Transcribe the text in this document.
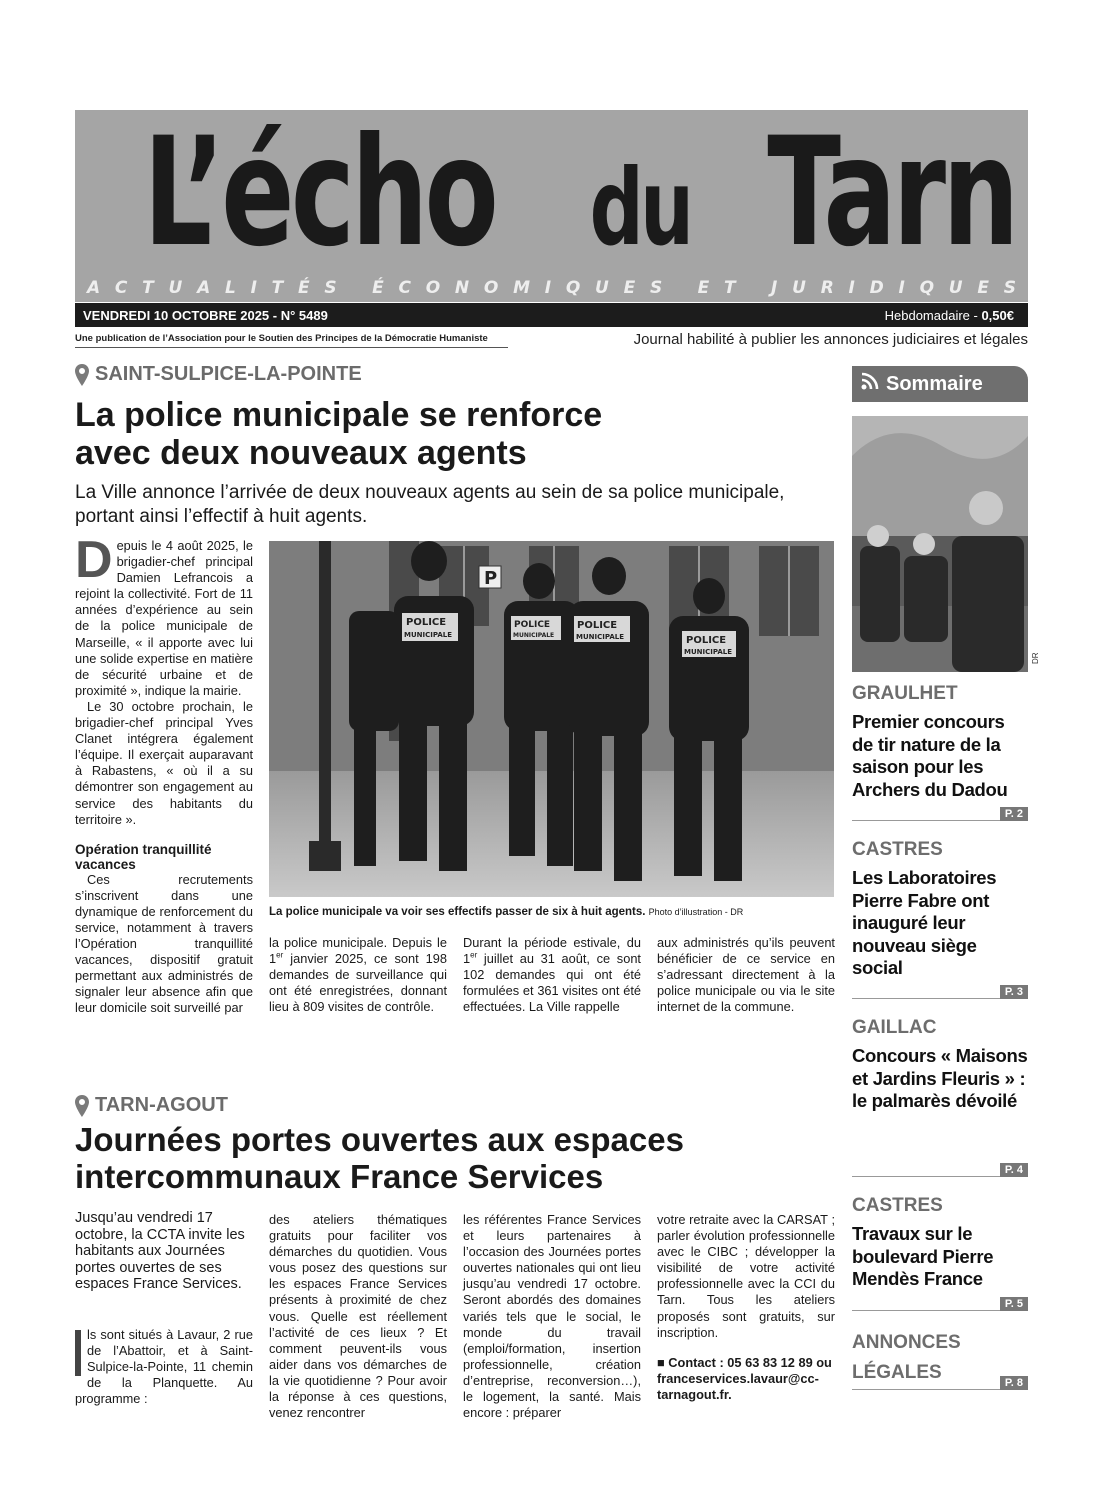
L’écho du Tarn
A C T U A L I T É S
É C O N O M I Q U E S
E T
J U R I D I Q U E S
VENDREDI 10 OCTOBRE 2025 - N° 5489	Hebdomadaire - 0,50€
Une publication de l’Association pour le Soutien des Principes de la Démocratie Humaniste	Journal habilité à publier les annonces judiciaires et légales
SAINT-SULPICE-LA-POINTE
La police municipale se renforce
avec deux nouveaux agents
La Ville annonce l’arrivée de deux nouveaux agents au sein de sa police municipale,
portant ainsi l’effectif à huit agents.

Depuis le 4 août 2025, le brigadier-chef principal Damien Lefrancois a rejoint la collectivité. Fort de 11 années d’expérience au sein de la police municipale de Marseille, « il apporte avec lui une solide expertise en matière de sécurité urbaine et de proximité », indique la mairie.

Le 30 octobre prochain, le brigadier-chef principal Yves Clanet intégrera également l’équipe. Il exerçait auparavant à Rabastens, « où il a su démontrer son engagement au service des habitants du territoire ».

Opération tranquillité vacances

Ces recrutements s’inscrivent dans une dynamique de renforcement du service, notamment à travers l’Opération tranquillité vacances, dispositif gratuit permettant aux administrés de signaler leur absence afin que leur domicile soit surveillé par

P
POLICE
MUNICIPALE
POLICE
MUNICIPALE
POLICE
MUNICIPALE	POLICE
MUNICIPALE
La police municipale va voir ses effectifs passer de six à huit agents. Photo d’illustration - DR

la police municipale. Depuis le 1er janvier 2025, ce sont 198 demandes de surveillance qui ont été enregistrées, donnant lieu à 809 visites de contrôle.

Durant la période estivale, du 1er juillet au 31 août, ce sont 102 demandes qui ont été formulées et 361 visites ont été effectuées. La Ville rappelle

aux administrés qu’ils peuvent bénéficier de ce service en s’adressant directement à la police municipale ou via le site internet de la commune.

TARN-AGOUT
Journées portes ouvertes aux espaces
intercommunaux France Services
Jusqu’au vendredi 17 octobre, la CCTA invite les habitants aux Journées portes ouvertes de ses espaces France Services.

ls sont situés à Lavaur, 2 rue de l’Abattoir, et à Saint-Sulpice-la-Pointe, 11 chemin de la Planquette. Au programme :

des ateliers thématiques gratuits pour faciliter vos démarches du quotidien. Vous vous posez des questions sur les espaces France Services présents à proximité de chez vous. Quelle est réellement l’activité de ces lieux ? Et comment peuvent-ils vous aider dans vos démarches de la vie quotidienne ? Pour avoir la réponse à ces questions, venez rencontrer

les référentes France Services et leurs partenaires à l’occasion des Journées portes ouvertes nationales qui ont lieu jusqu’au vendredi 17 octobre. Seront abordés des domaines variés tels que le social, le monde du travail (emploi/formation, insertion professionnelle, création d’entreprise, reconversion…), le logement, la santé. Mais encore : préparer

votre retraite avec la CARSAT ; parler évolution professionnelle avec le CIBC ; développer la visibilité de votre activité professionnelle avec la CCI du Tarn. Tous les ateliers proposés sont gratuits, sur inscription.

■ Contact : 05 63 83 12 89 ou franceservices.lavaur@cc-tarnagout.fr.

Sommaire
DR
GRAULHET
Premier concours de tir nature de la saison pour les Archers du Dadou
P. 2
CASTRES
Les Laboratoires Pierre Fabre ont inauguré leur nouveau siège social
P. 3
GAILLAC
Concours « Maisons et Jardins Fleuris » : le palmarès dévoilé
P. 4
CASTRES
Travaux sur le boulevard Pierre Mendès France
P. 5
ANNONCES
LÉGALES	P. 8
